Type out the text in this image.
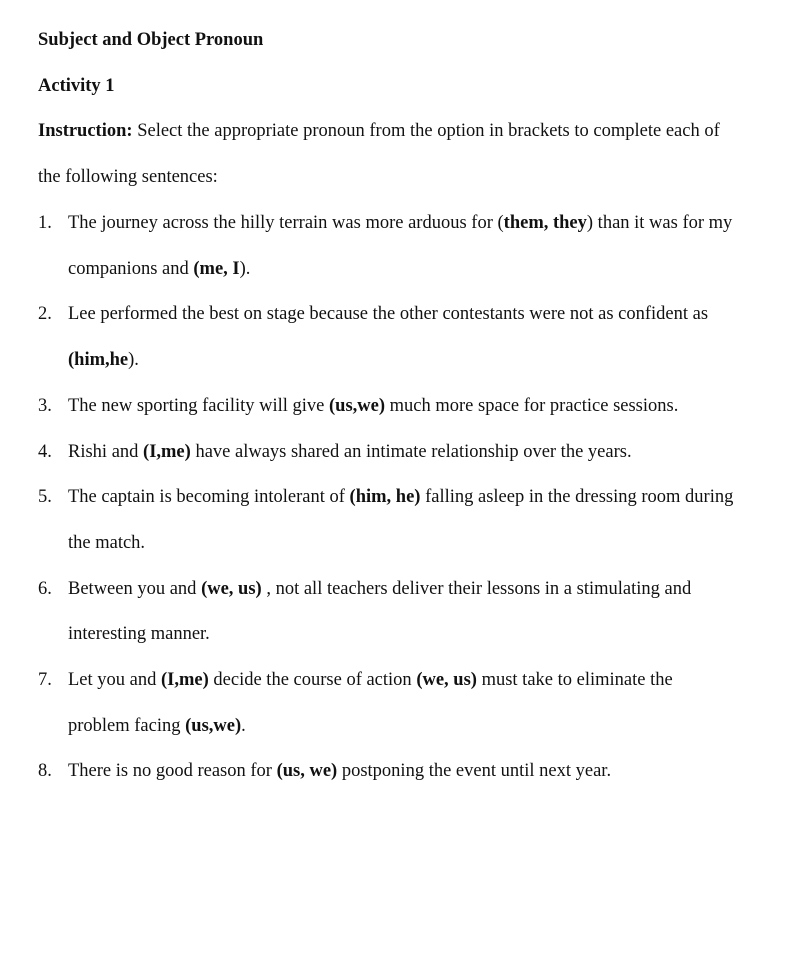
Subject and Object Pronoun
Activity 1
Instruction: Select the appropriate pronoun from the option in brackets to complete each of
the following sentences:
1. The journey across the hilly terrain was more arduous for (them, they) than it was for my
companions and (me, I).
2. Lee performed the best on stage because the other contestants were not as confident as
(him,he).
3. The new sporting facility will give (us,we) much more space for practice sessions.
4. Rishi and (I,me) have always shared an intimate relationship over the years.
5. The captain is becoming intolerant of (him, he) falling asleep in the dressing room during
the match.
6. Between you and (we, us) , not all teachers deliver their lessons in a stimulating and
interesting manner.
7. Let you and (I,me) decide the course of action (we, us) must take to eliminate the
problem facing (us,we).
8. There is no good reason for (us, we) postponing the event until next year.
